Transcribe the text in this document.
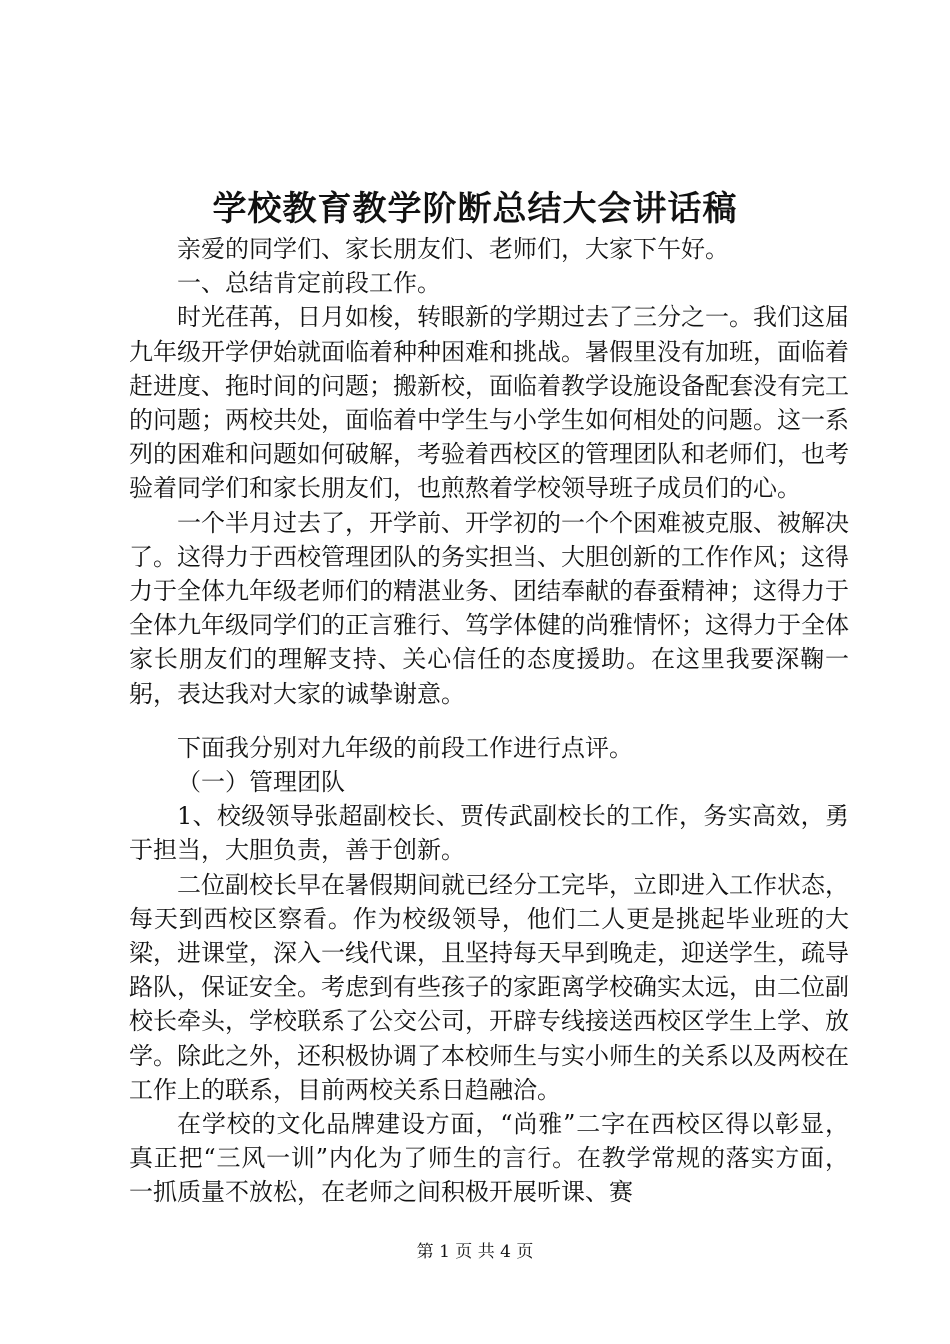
学校教育教学阶断总结大会讲话稿

亲爱的同学们、家长朋友们、老师们，大家下午好。

一、总结肯定前段工作。

时光荏苒，日月如梭，转眼新的学期过去了三分之一。我们这届九年级开学伊始就面临着种种困难和挑战。暑假里没有加班，面临着赶进度、拖时间的问题；搬新校，面临着教学设施设备配套没有完工的问题；两校共处，面临着中学生与小学生如何相处的问题。这一系列的困难和问题如何破解，考验着西校区的管理团队和老师们，也考验着同学们和家长朋友们，也煎熬着学校领导班子成员们的心。

一个半月过去了，开学前、开学初的一个个困难被克服、被解决了。这得力于西校管理团队的务实担当、大胆创新的工作作风；这得力于全体九年级老师们的精湛业务、团结奉献的春蚕精神；这得力于全体九年级同学们的正言雅行、笃学体健的尚雅情怀；这得力于全体家长朋友们的理解支持、关心信任的态度援助。在这里我要深鞠一躬，表达我对大家的诚挚谢意。

下面我分别对九年级的前段工作进行点评。

（一）管理团队

1、校级领导张超副校长、贾传武副校长的工作，务实高效，勇于担当，大胆负责，善于创新。

二位副校长早在暑假期间就已经分工完毕，立即进入工作状态，每天到西校区察看。作为校级领导，他们二人更是挑起毕业班的大梁，进课堂，深入一线代课，且坚持每天早到晚走，迎送学生，疏导路队，保证安全。考虑到有些孩子的家距离学校确实太远，由二位副校长牵头，学校联系了公交公司，开辟专线接送西校区学生上学、放学。除此之外，还积极协调了本校师生与实小师生的关系以及两校在工作上的联系，目前两校关系日趋融洽。

在学校的文化品牌建设方面，“尚雅”二字在西校区得以彰显，真正把“三风一训”内化为了师生的言行。在教学常规的落实方面，一抓质量不放松，在老师之间积极开展听课、赛

第 1 页 共 4 页
